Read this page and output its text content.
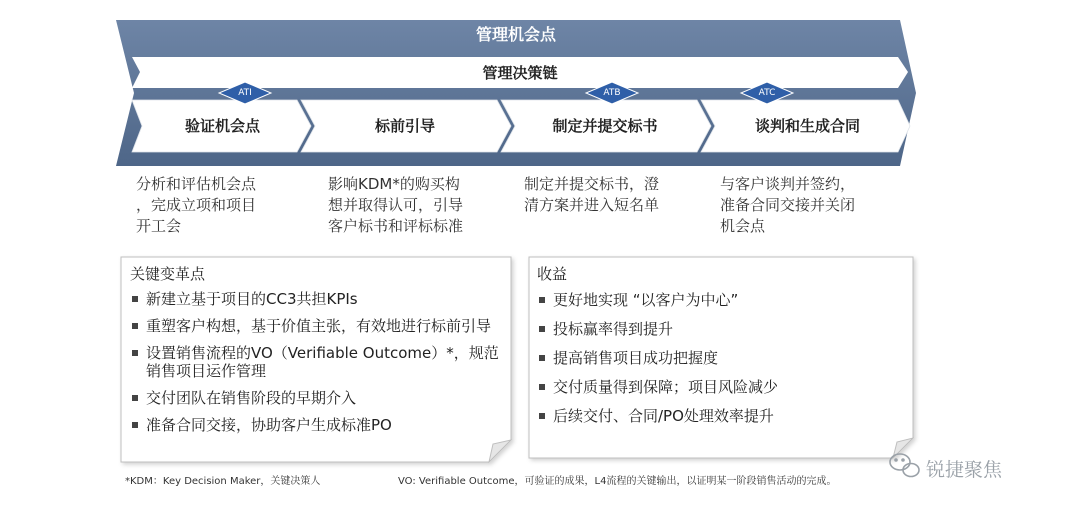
管理机会点
管理决策链
ATI	ATB	ATC
验证机会点	标前引导	制定并提交标书	谈判和生成合同
分析和评估机会点
，完成立项和项目
开工会
影响KDM*的购买构
想并取得认可，引导
客户标书和评标标准
制定并提交标书，澄
清方案并进入短名单
与客户谈判并签约，
准备合同交接并关闭
机会点
关键变革点
新建立基于项目的CC3共担KPIs
重塑客户构想，基于价值主张，有效地进行标前引导
设置销售流程的VO（Verifiable Outcome）*，规范销售项目运作管理
交付团队在销售阶段的早期介入
准备合同交接，协助客户生成标准PO
收益
更好地实现 “以客户为中心”
投标赢率得到提升
提高销售项目成功把握度
交付质量得到保障；项目风险减少
后续交付、合同/PO处理效率提升
*KDM：Key Decision Maker，关键决策人	VO: Verifiable Outcome，可验证的成果，L4流程的关键输出，以证明某一阶段销售活动的完成。
锐捷聚焦
